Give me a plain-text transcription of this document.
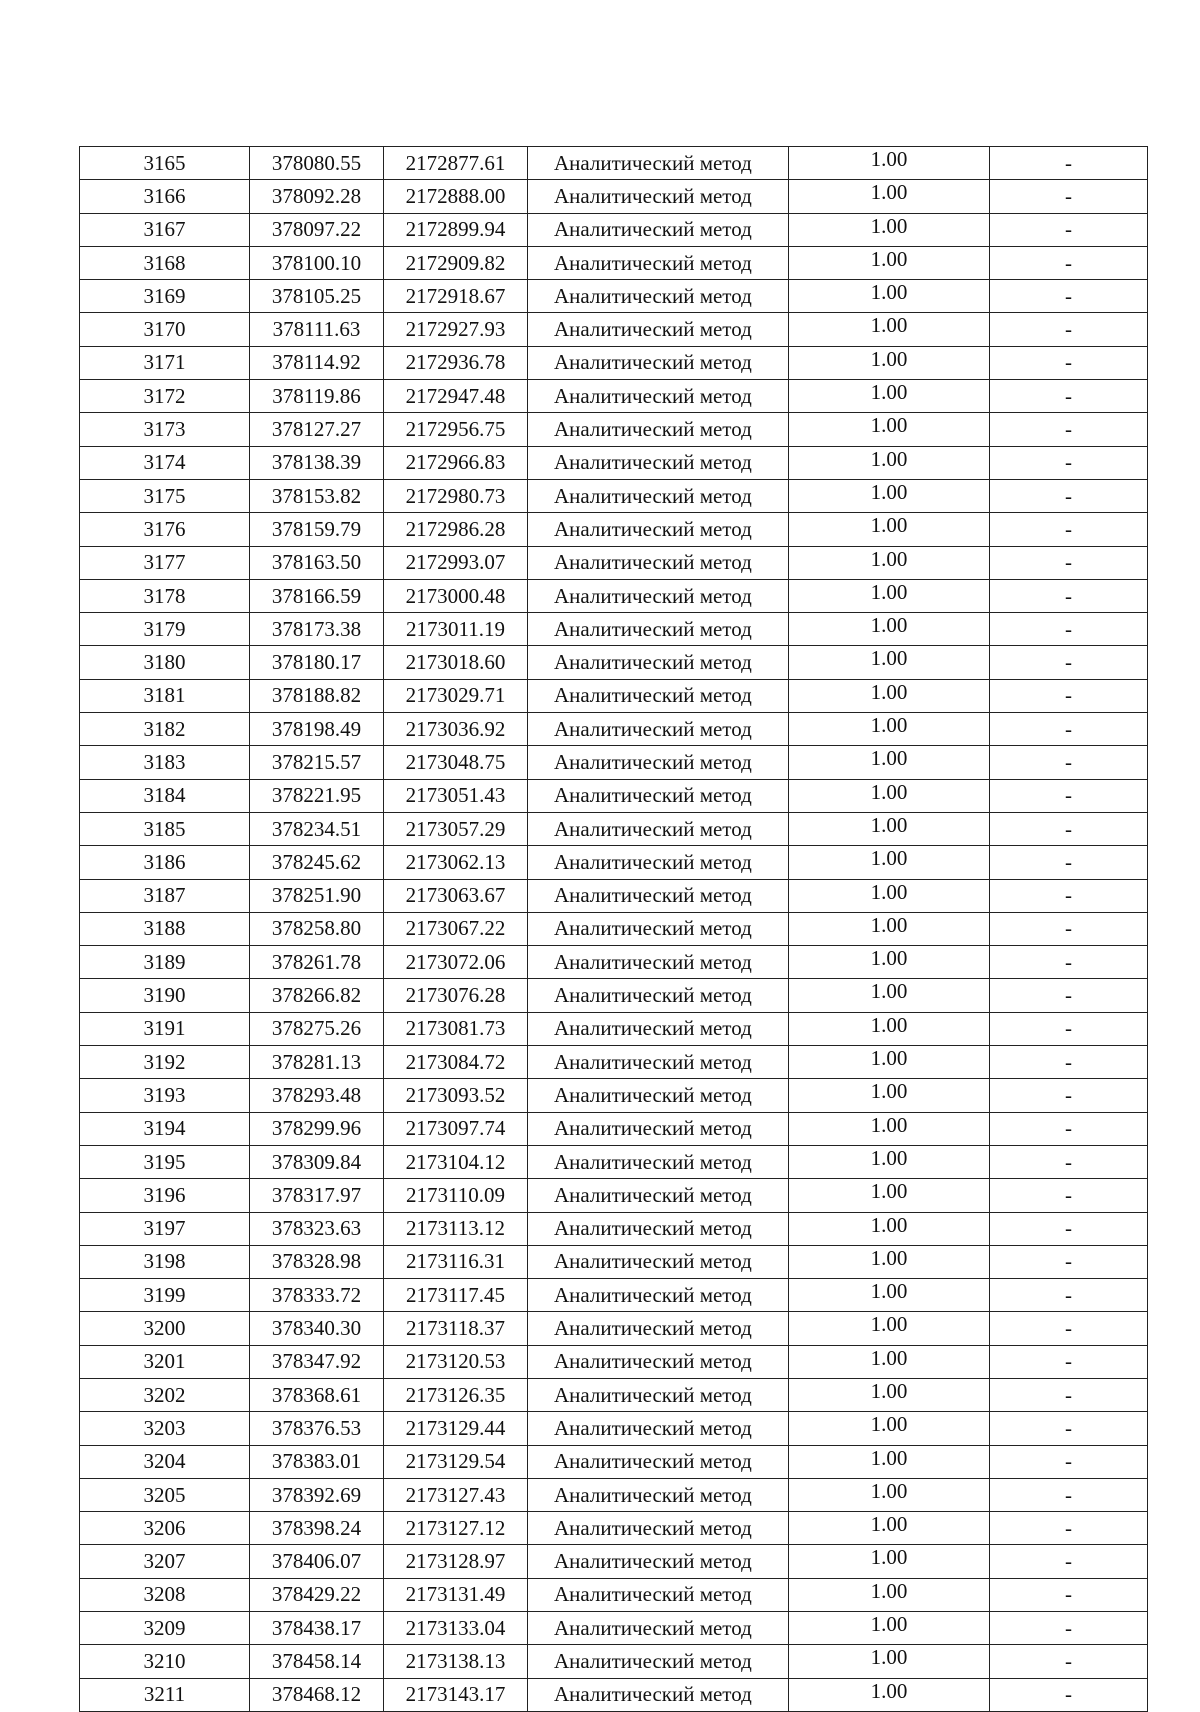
3165	378080.55	2172877.61	Аналитический метод	1.00	-
3166	378092.28	2172888.00	Аналитический метод	1.00	-
3167	378097.22	2172899.94	Аналитический метод	1.00	-
3168	378100.10	2172909.82	Аналитический метод	1.00	-
3169	378105.25	2172918.67	Аналитический метод	1.00	-
3170	378111.63	2172927.93	Аналитический метод	1.00	-
3171	378114.92	2172936.78	Аналитический метод	1.00	-
3172	378119.86	2172947.48	Аналитический метод	1.00	-
3173	378127.27	2172956.75	Аналитический метод	1.00	-
3174	378138.39	2172966.83	Аналитический метод	1.00	-
3175	378153.82	2172980.73	Аналитический метод	1.00	-
3176	378159.79	2172986.28	Аналитический метод	1.00	-
3177	378163.50	2172993.07	Аналитический метод	1.00	-
3178	378166.59	2173000.48	Аналитический метод	1.00	-
3179	378173.38	2173011.19	Аналитический метод	1.00	-
3180	378180.17	2173018.60	Аналитический метод	1.00	-
3181	378188.82	2173029.71	Аналитический метод	1.00	-
3182	378198.49	2173036.92	Аналитический метод	1.00	-
3183	378215.57	2173048.75	Аналитический метод	1.00	-
3184	378221.95	2173051.43	Аналитический метод	1.00	-
3185	378234.51	2173057.29	Аналитический метод	1.00	-
3186	378245.62	2173062.13	Аналитический метод	1.00	-
3187	378251.90	2173063.67	Аналитический метод	1.00	-
3188	378258.80	2173067.22	Аналитический метод	1.00	-
3189	378261.78	2173072.06	Аналитический метод	1.00	-
3190	378266.82	2173076.28	Аналитический метод	1.00	-
3191	378275.26	2173081.73	Аналитический метод	1.00	-
3192	378281.13	2173084.72	Аналитический метод	1.00	-
3193	378293.48	2173093.52	Аналитический метод	1.00	-
3194	378299.96	2173097.74	Аналитический метод	1.00	-
3195	378309.84	2173104.12	Аналитический метод	1.00	-
3196	378317.97	2173110.09	Аналитический метод	1.00	-
3197	378323.63	2173113.12	Аналитический метод	1.00	-
3198	378328.98	2173116.31	Аналитический метод	1.00	-
3199	378333.72	2173117.45	Аналитический метод	1.00	-
3200	378340.30	2173118.37	Аналитический метод	1.00	-
3201	378347.92	2173120.53	Аналитический метод	1.00	-
3202	378368.61	2173126.35	Аналитический метод	1.00	-
3203	378376.53	2173129.44	Аналитический метод	1.00	-
3204	378383.01	2173129.54	Аналитический метод	1.00	-
3205	378392.69	2173127.43	Аналитический метод	1.00	-
3206	378398.24	2173127.12	Аналитический метод	1.00	-
3207	378406.07	2173128.97	Аналитический метод	1.00	-
3208	378429.22	2173131.49	Аналитический метод	1.00	-
3209	378438.17	2173133.04	Аналитический метод	1.00	-
3210	378458.14	2173138.13	Аналитический метод	1.00	-
3211	378468.12	2173143.17	Аналитический метод	1.00	-
